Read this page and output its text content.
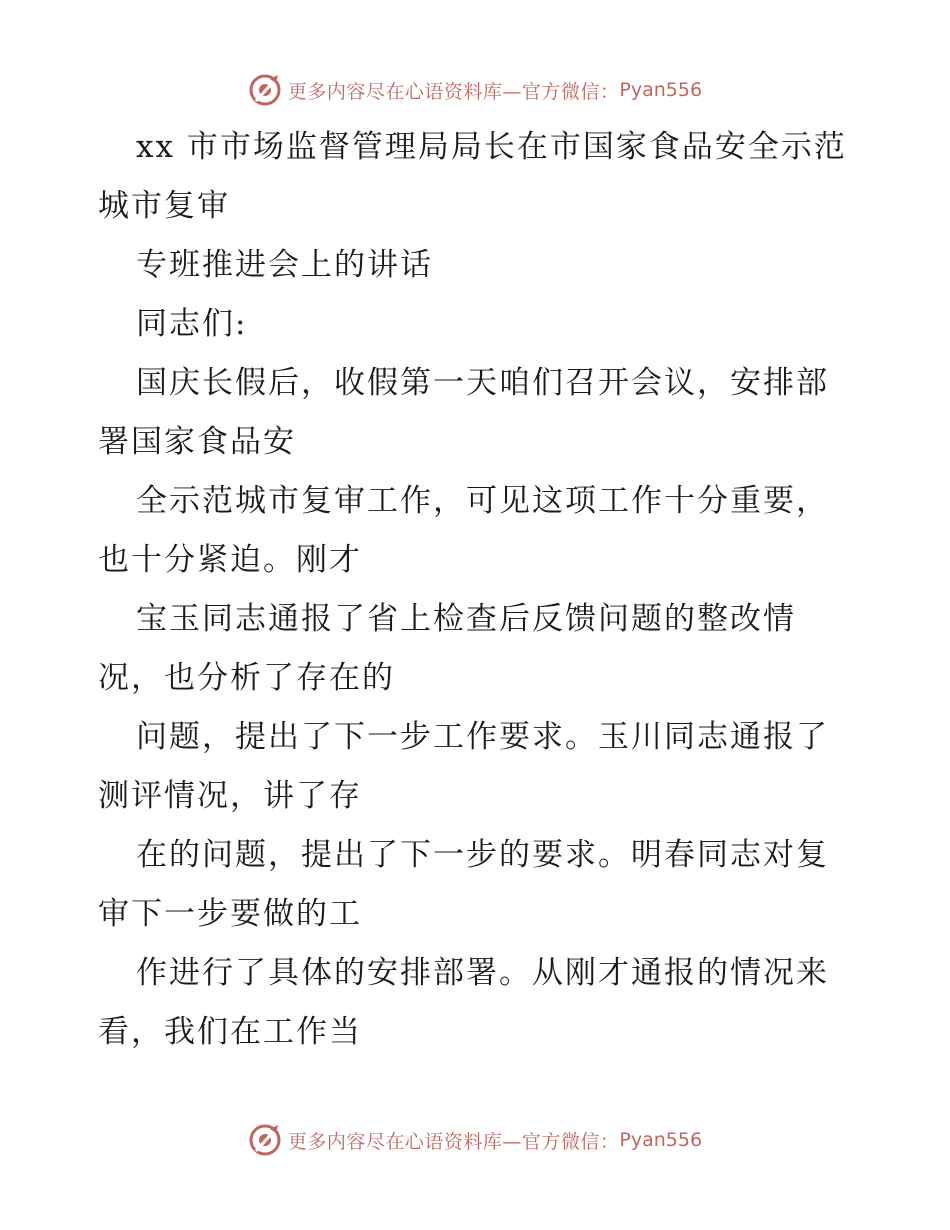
更多内容尽在心语资料库—官方微信： Pyan556

xx 市市场监督管理局局长在市国家食品安全示范城市复审

专班推进会上的讲话

同志们:

国庆长假后，收假第一天咱们召开会议，安排部署国家食品安

全示范城市复审工作，可见这项工作十分重要，也十分紧迫。刚才

宝玉同志通报了省上检查后反馈问题的整改情况，也分析了存在的

问题，提出了下一步工作要求。玉川同志通报了测评情况，讲了存

在的问题，提出了下一步的要求。明春同志对复审下一步要做的工

作进行了具体的安排部署。从刚才通报的情况来看，我们在工作当

更多内容尽在心语资料库—官方微信： Pyan556
